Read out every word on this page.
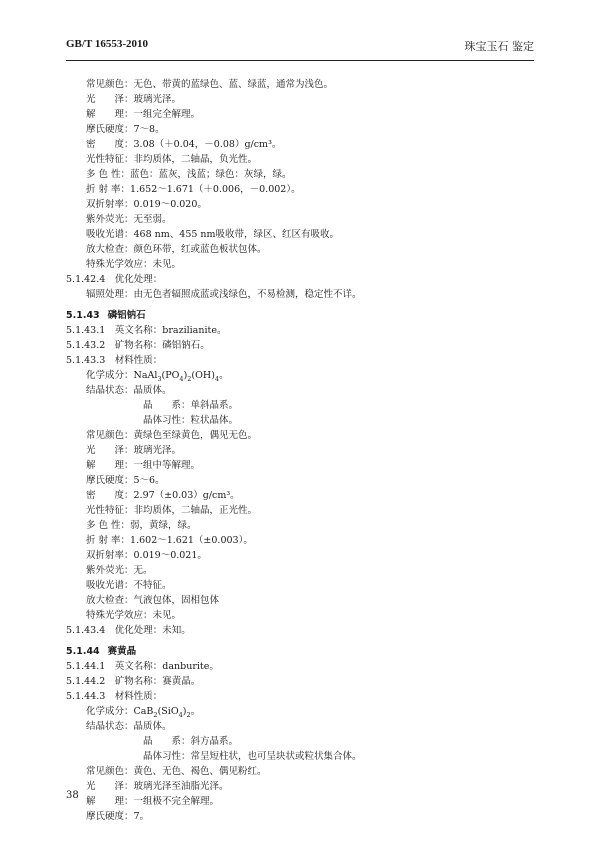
GB/T 16553-2010	珠宝玉石 鉴定
常见颜色：无色、带黄的蓝绿色、蓝、绿蓝，通常为浅色。
光　　泽：玻璃光泽。
解　　理：一组完全解理。
摩氏硬度：7～8。
密　　度：3.08（＋0.04，－0.08）g/cm³。
光性特征：非均质体，二轴晶，负光性。
多 色 性：蓝色：蓝灰，浅蓝；绿色：灰绿，绿。
折 射 率：1.652～1.671（＋0.006，－0.002）。
双折射率：0.019～0.020。
紫外荧光：无至弱。
吸收光谱：468 nm、455 nm吸收带，绿区、红区有吸收。
放大检查：颜色环带，红或蓝色板状包体。
特殊光学效应：未见。
5.1.42.4　优化处理：
辐照处理：由无色者辐照成蓝或浅绿色，不易检测，稳定性不详。
5.1.43 磷铝钠石
5.1.43.1　英文名称：brazilianite。
5.1.43.2　矿物名称：磷铝钠石。
5.1.43.3　材料性质：
化学成分：$NaAl_3(PO_4)_2(OH)_4$。
结晶状态：晶质体。
晶　　系：单斜晶系。
晶体习性：粒状晶体。
常见颜色：黄绿色至绿黄色，偶见无色。
光　　泽：玻璃光泽。
解　　理：一组中等解理。
摩氏硬度：5～6。
密　　度：2.97（±0.03）g/cm³。
光性特征：非均质体，二轴晶，正光性。
多 色 性：弱，黄绿，绿。
折 射 率：1.602～1.621（±0.003）。
双折射率：0.019～0.021。
紫外荧光：无。
吸收光谱：不特征。
放大检查：气液包体，固相包体
特殊光学效应：未见。
5.1.43.4　优化处理：未知。
5.1.44 赛黄晶
5.1.44.1　英文名称：danburite。
5.1.44.2　矿物名称：赛黄晶。
5.1.44.3　材料性质：
化学成分：$CaB_2(SiO_4)_2$。
结晶状态：晶质体。
晶　　系：斜方晶系。
晶体习性：常呈短柱状，也可呈块状或粒状集合体。
常见颜色：黄色、无色、褐色、偶见粉红。
光　　泽：玻璃光泽至油脂光泽。
解　　理：一组极不完全解理。
摩氏硬度：7。
38
